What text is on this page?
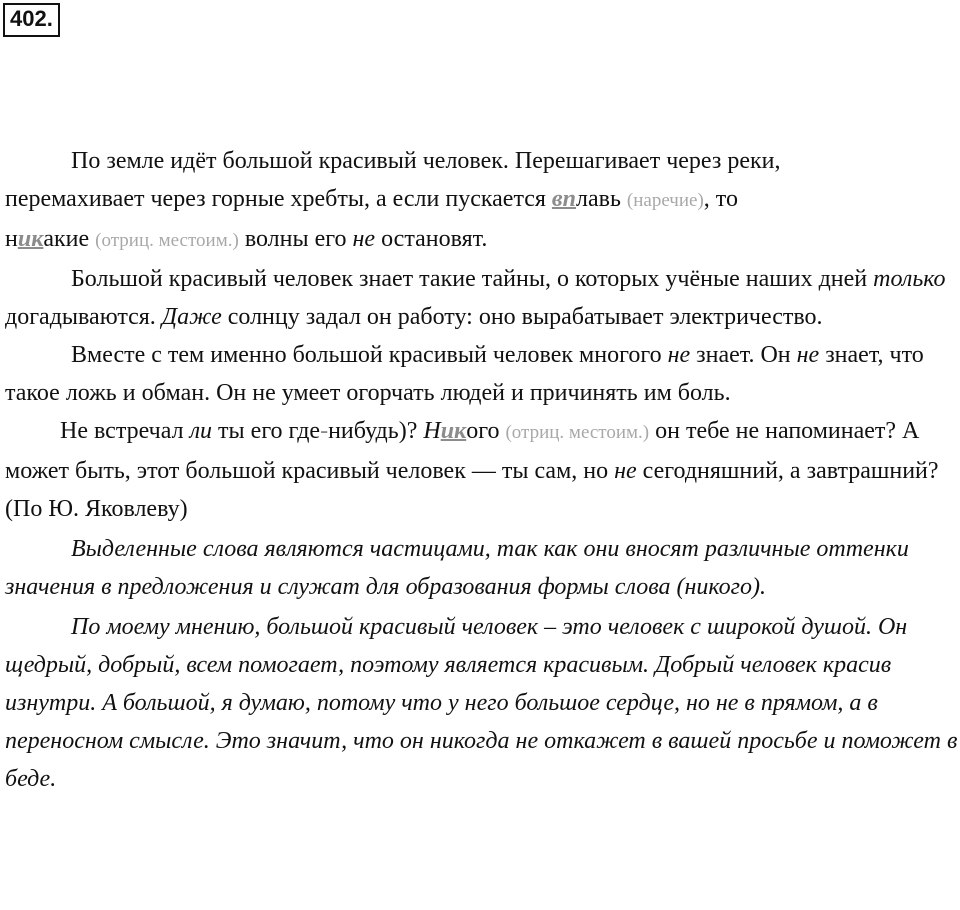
402.

По земле идёт большой красивый человек. Перешагивает через реки,
перемахивает через горные хребты, а если пускается вплавь (наречие), то
никакие (отриц. местоим.) волны его не остановят.

Большой красивый человек знает такие тайны, о которых учёные наших дней только догадываются. Даже солнцу задал он работу: оно вырабатывает электричество.

Вместе с тем именно большой красивый человек многого не знает. Он не знает, что такое ложь и обман. Он не умеет огорчать людей и причинять им боль.

Не встречал ли ты его где-нибудь)? Никого (отриц. местоим.) он тебе не напоминает? А может быть, этот большой красивый человек — ты сам, но не сегодняшний, а завтрашний? (По Ю. Яковлеву)

Выделенные слова являются частицами, так как они вносят различные оттенки значения в предложения и служат для образования формы слова (никого).

По моему мнению, большой красивый человек – это человек с широкой душой. Он щедрый, добрый, всем помогает, поэтому является красивым. Добрый человек красив изнутри. А большой, я думаю, потому что у него большое сердце, но не в прямом, а в переносном смысле. Это значит, что он никогда не откажет в вашей просьбе и поможет в беде.
